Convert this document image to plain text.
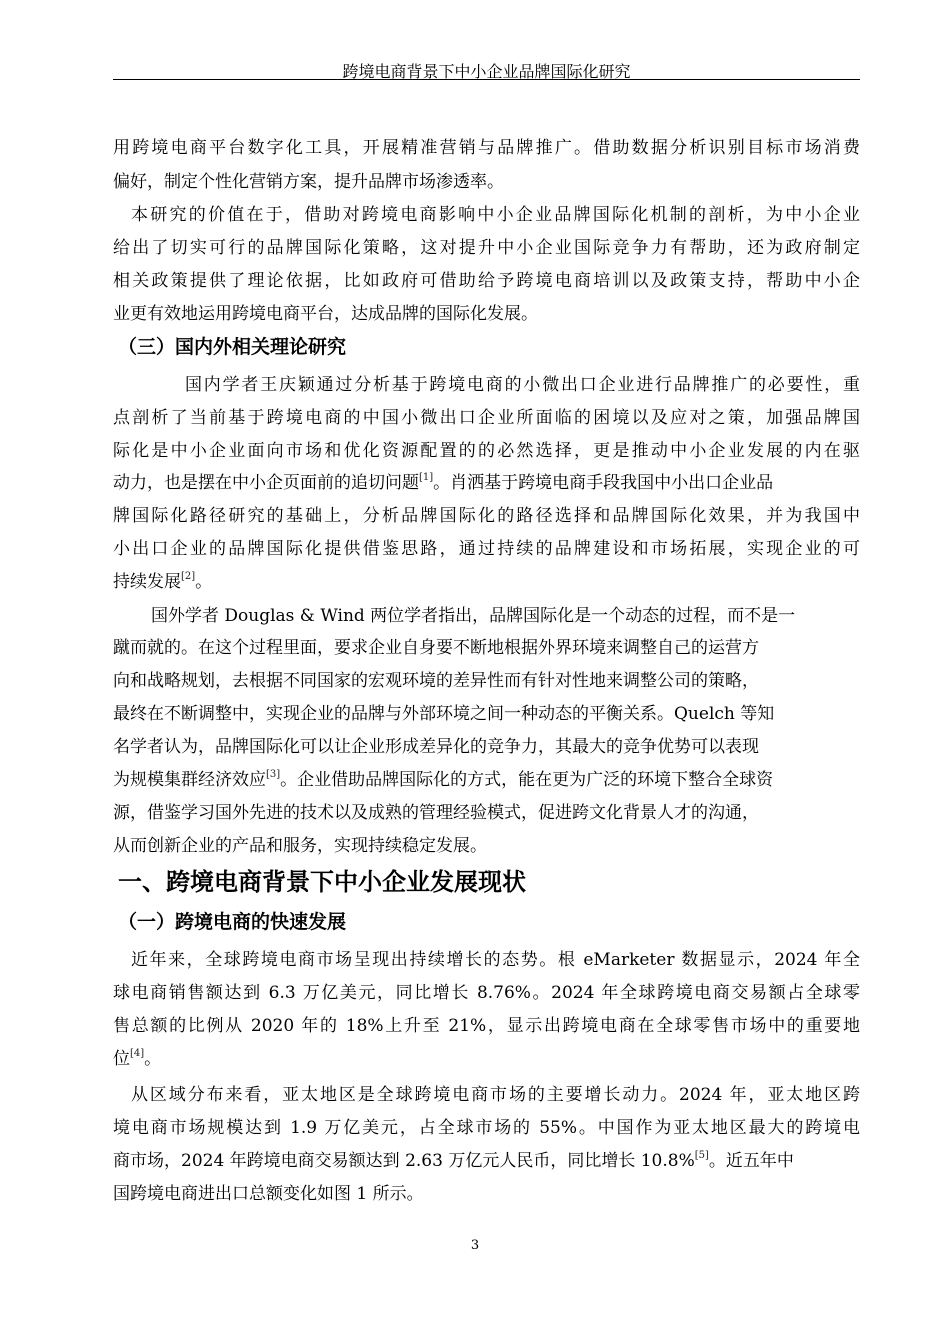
跨境电商背景下中小企业品牌国际化研究
用跨境电商平台数字化工具，开展精准营销与品牌推广。借助数据分析识别目标市场消费
偏好，制定个性化营销方案，提升品牌市场渗透率。
本研究的价值在于，借助对跨境电商影响中小企业品牌国际化机制的剖析，为中小企业
给出了切实可行的品牌国际化策略，这对提升中小企业国际竞争力有帮助，还为政府制定
相关政策提供了理论依据，比如政府可借助给予跨境电商培训以及政策支持，帮助中小企
业更有效地运用跨境电商平台，达成品牌的国际化发展。
（三）国内外相关理论研究
国内学者王庆颖通过分析基于跨境电商的小微出口企业进行品牌推广的必要性，重
点剖析了当前基于跨境电商的中国小微出口企业所面临的困境以及应对之策，加强品牌国
际化是中小企业面向市场和优化资源配置的的必然选择，更是推动中小企业发展的内在驱
动力，也是摆在中小企页面前的追切问题[1]。肖洒基于跨境电商手段我国中小出口企业品
牌国际化路径研究的基础上，分析品牌国际化的路径选择和品牌国际化效果，并为我国中
小出口企业的品牌国际化提供借鉴思路，通过持续的品牌建设和市场拓展，实现企业的可
持续发展[2]。
国外学者 Douglas & Wind 两位学者指出，品牌国际化是一个动态的过程，而不是一
蹴而就的。在这个过程里面，要求企业自身要不断地根据外界环境来调整自己的运营方
向和战略规划，去根据不同国家的宏观环境的差异性而有针对性地来调整公司的策略，
最终在不断调整中，实现企业的品牌与外部环境之间一种动态的平衡关系。Quelch 等知
名学者认为，品牌国际化可以让企业形成差异化的竞争力，其最大的竞争优势可以表现
为规模集群经济效应[3]。企业借助品牌国际化的方式，能在更为广泛的环境下整合全球资
源，借鉴学习国外先进的技术以及成熟的管理经验模式，促进跨文化背景人才的沟通，
从而创新企业的产品和服务，实现持续稳定发展。
一、跨境电商背景下中小企业发展现状
（一）跨境电商的快速发展
近年来，全球跨境电商市场呈现出持续增长的态势。根 eMarketer 数据显示，2024 年全
球电商销售额达到 6.3 万亿美元，同比增长 8.76%。2024 年全球跨境电商交易额占全球零
售总额的比例从 2020 年的 18%上升至 21%，显示出跨境电商在全球零售市场中的重要地
位[4]。
从区域分布来看，亚太地区是全球跨境电商市场的主要增长动力。2024 年，亚太地区跨
境电商市场规模达到 1.9 万亿美元，占全球市场的 55%。中国作为亚太地区最大的跨境电
商市场，2024 年跨境电商交易额达到 2.63 万亿元人民币，同比增长 10.8%[5]。近五年中
国跨境电商进出口总额变化如图 1 所示。
3
